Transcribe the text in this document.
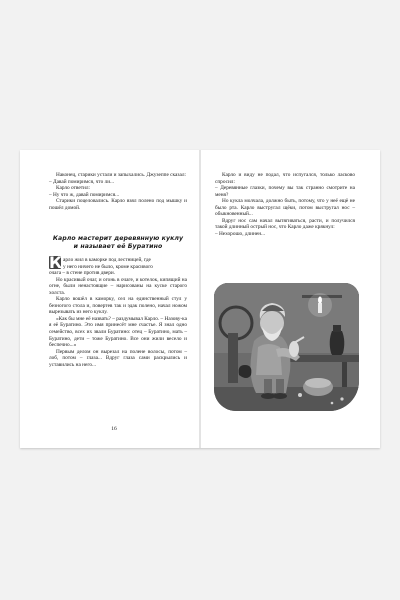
Наконец, старики устали и запыхались. Джузеппе сказал:

– Давай помиримся, что ли...

Карло ответил:

– Ну что ж, давай помиримся...

Старики поцеловались. Карло взял полено под мышку и пошёл домой.

Карло мастерит деревянную куклу
и называет её Буратино
К арло жил в каморке под лестницей, где

у него ничего не было, кроме красивого

очага – в стене против двери.

Но красивый очаг, и огонь в очаге, и котелок, кипящий на огне, были ненастоящие – нарисованы на куске старого холста.

Карло вошёл в каморку, сел на единственный стул у безногого стола и, повертев так и эдак полено, начал ножом вырезывать из него куклу.

«Как бы мне её назвать? – раздумывал Карло. – Назову-ка я её Буратино. Это имя принесёт мне счастье. Я знал одно семейство, всех их звали Буратино: отец – Буратино, мать – Буратино, дети – тоже Буратино. Все они жили весело и беспечно...»

Первым делом он вырезал на полене волосы, потом – лоб, потом – глаза... Вдруг глаза сами раскрылись и уставились на него...

16

Карло и виду не подал, что испугался, только ласково спросил:

– Деревянные глазки, почему вы так странно смотрите на меня?

Но кукла молчала, должно быть, потому, что у неё ещё не было рта. Карло выстругал щёки, потом выстругал нос – обыкновенный...

Вдруг нос сам начал вытягиваться, расти, и получился такой длинный острый нос, что Карло даже крякнул:

– Нехорошо, длинен...
